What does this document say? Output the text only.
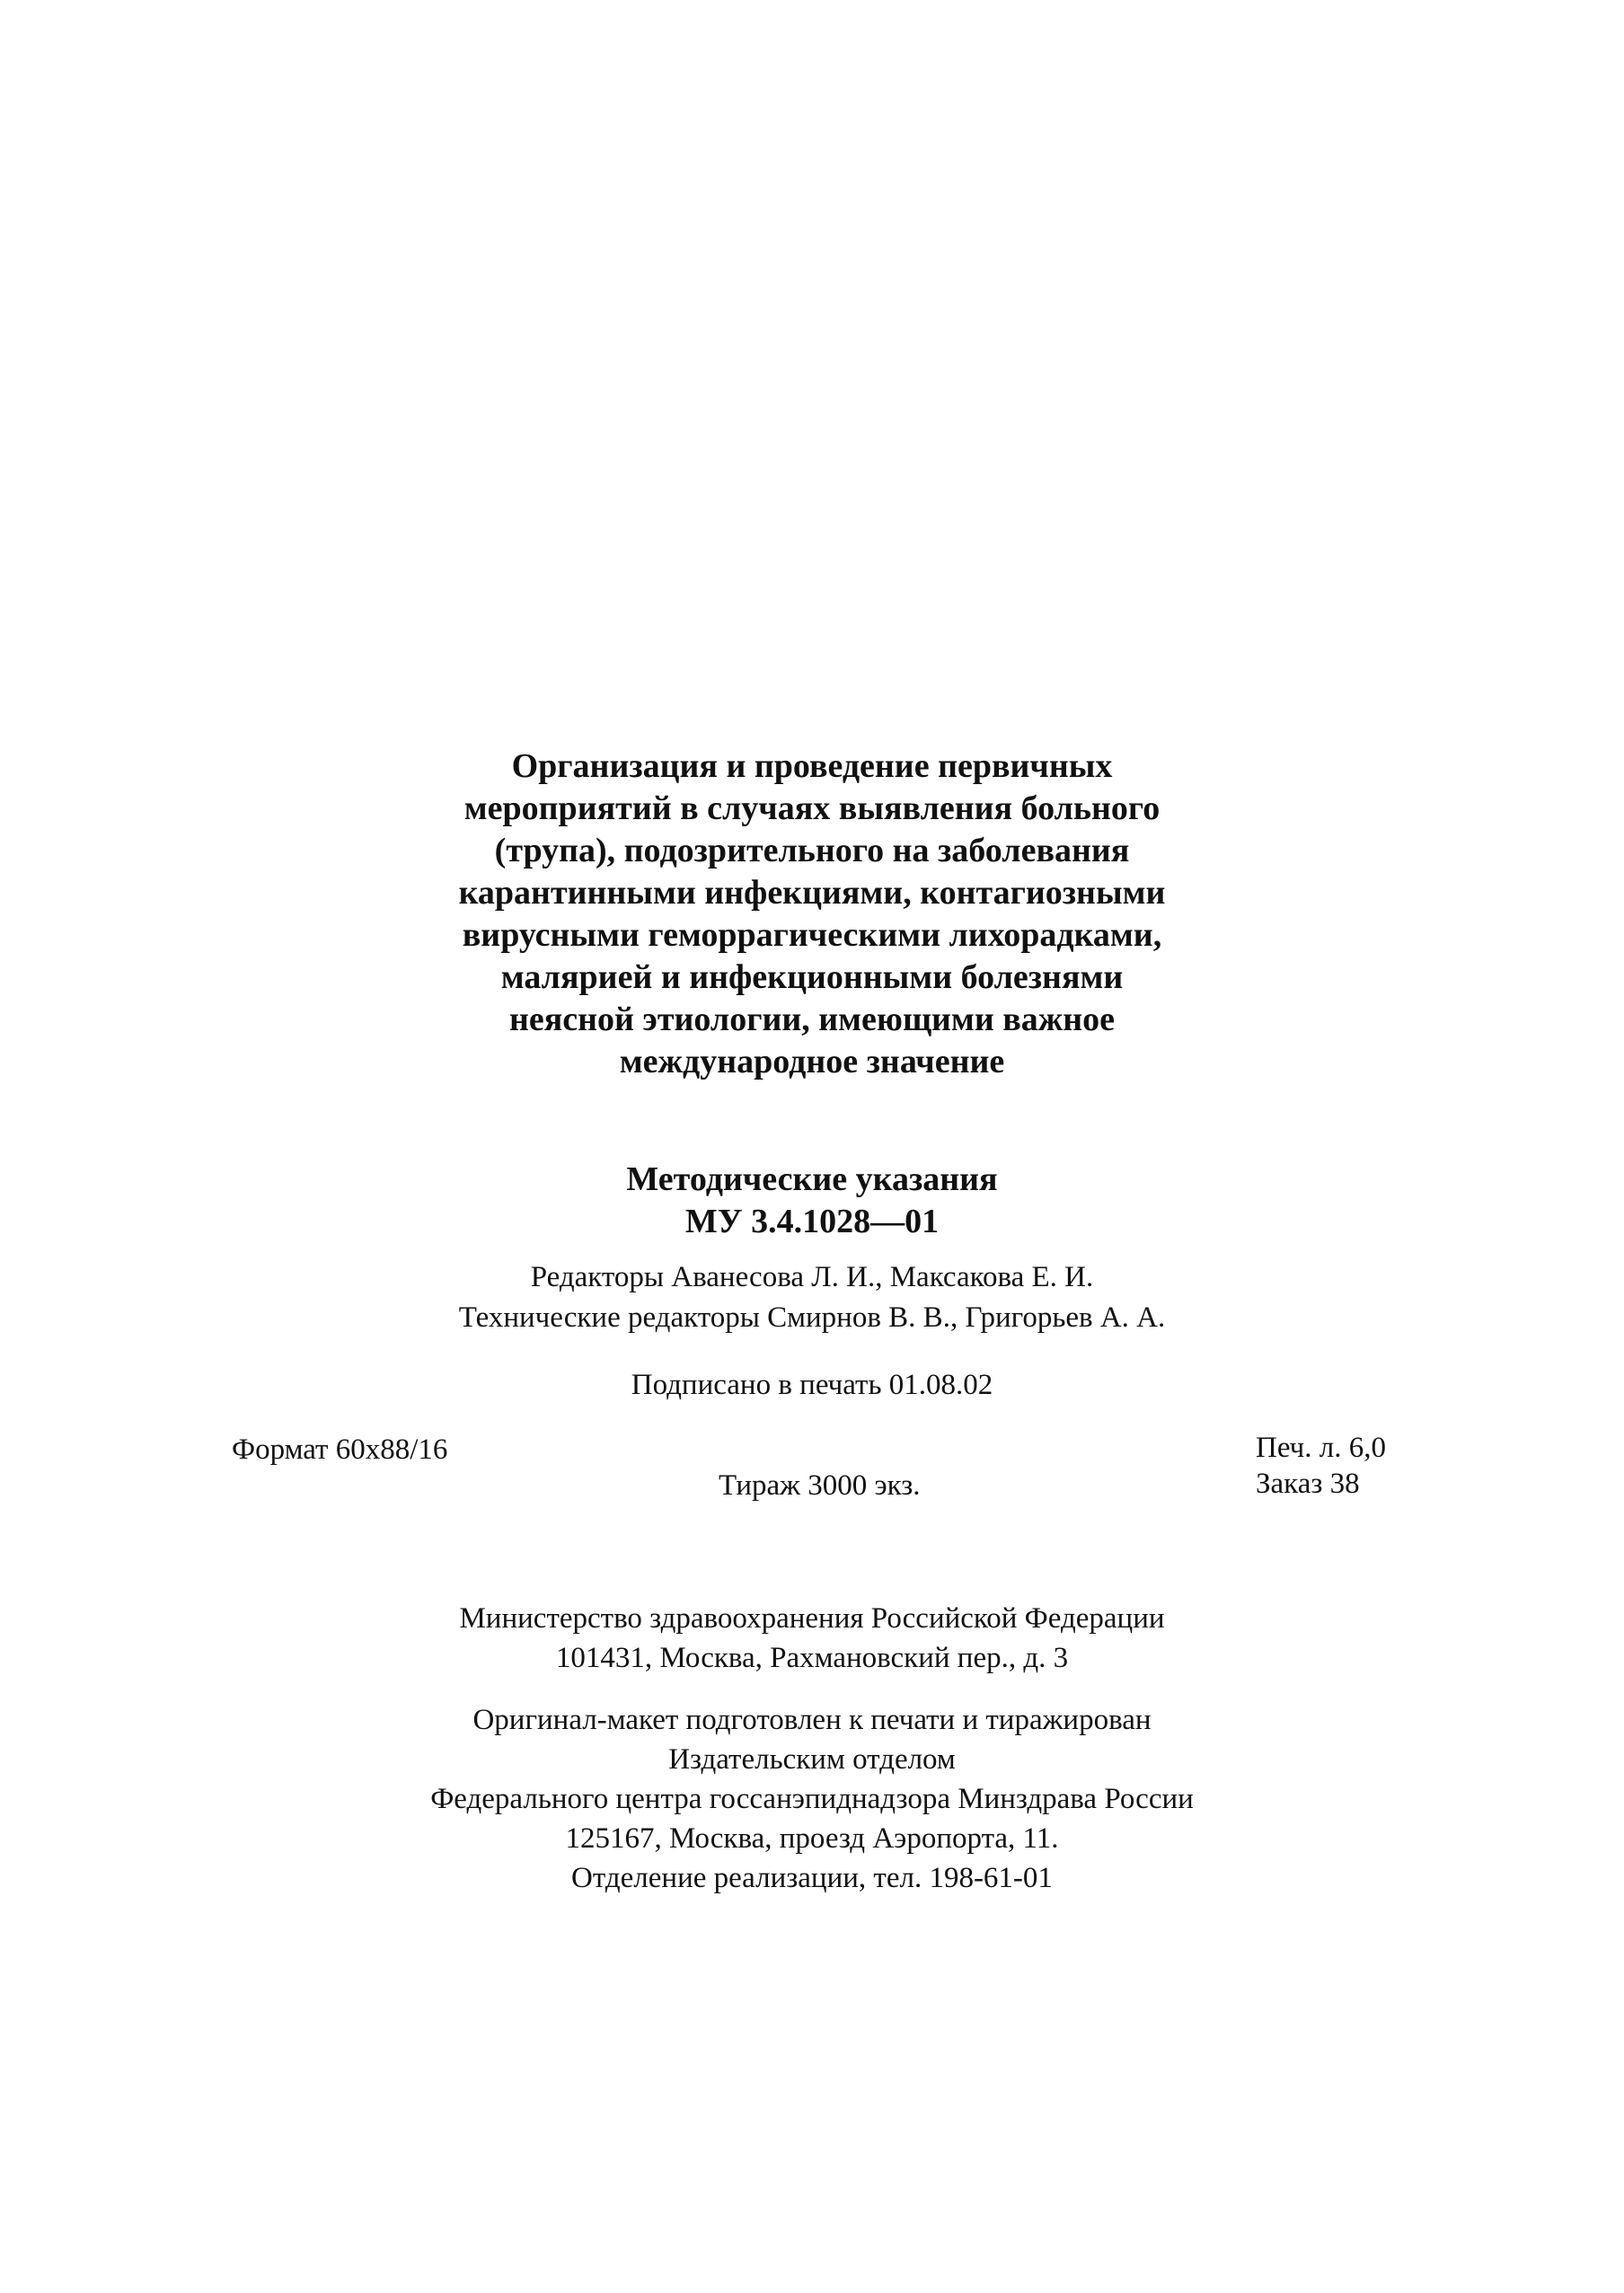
Организация и проведение первичных
мероприятий в случаях выявления больного
(трупа), подозрительного на заболевания
карантинными инфекциями, контагиозными
вирусными геморрагическими лихорадками,
малярией и инфекционными болезнями
неясной этиологии, имеющими важное
международное значение
Методические указания
МУ 3.4.1028—01
Редакторы Аванесова Л. И., Максакова Е. И.
Технические редакторы Смирнов В. В., Григорьев А. А.
Подписано в печать 01.08.02
Формат 60x88/16
Тираж 3000 экз.
Печ. л. 6,0
Заказ 38
Министерство здравоохранения Российской Федерации
101431, Москва, Рахмановский пер., д. 3
Оригинал-макет подготовлен к печати и тиражирован
Издательским отделом
Федерального центра госсанэпиднадзора Минздрава России
125167, Москва, проезд Аэропорта, 11.
Отделение реализации, тел. 198-61-01
